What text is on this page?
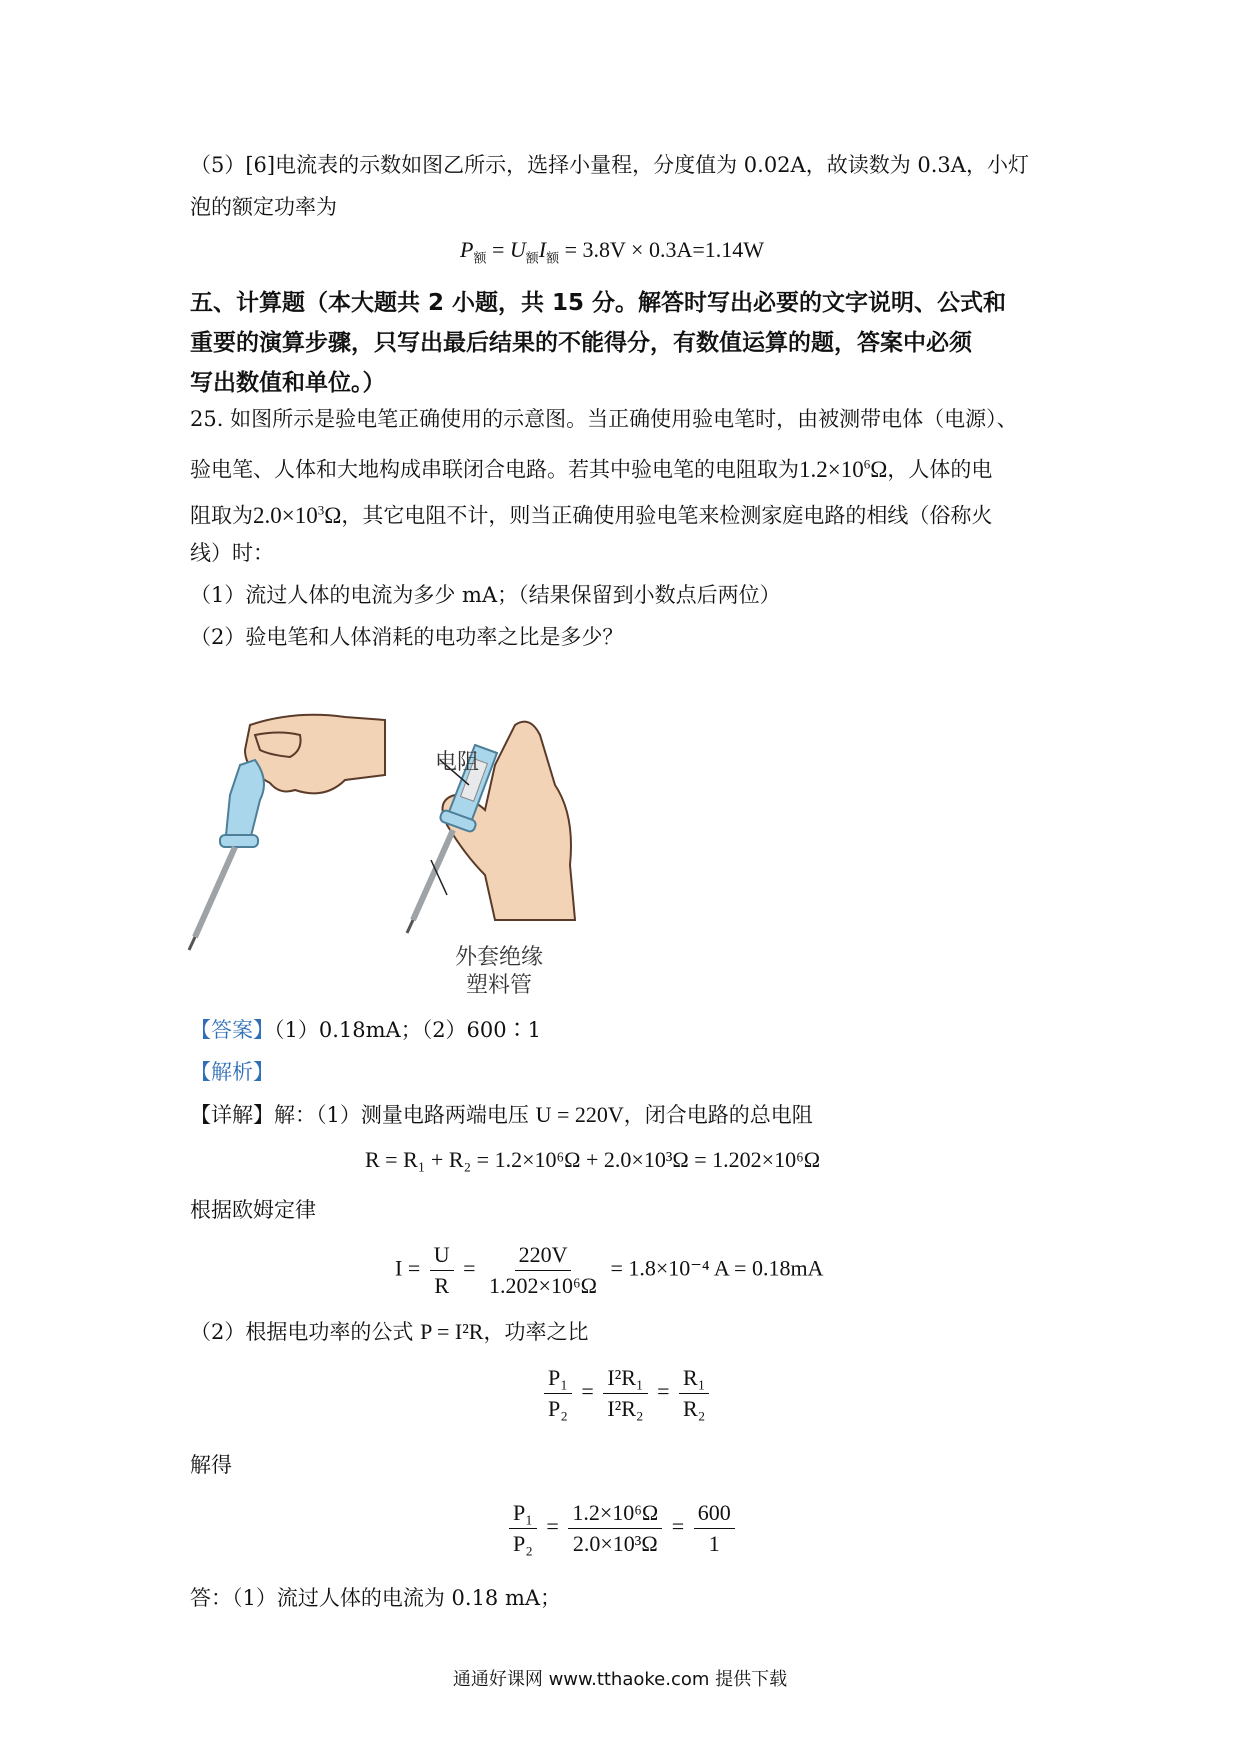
（5）[6]电流表的示数如图乙所示，选择小量程，分度值为 0.02A，故读数为 0.3A，小灯
泡的额定功率为
$P_额 = U_额I_额 = 3.8V \times 0.3A=1.14W$
五、计算题（本大题共 2 小题，共 15 分。解答时写出必要的文字说明、公式和
重要的演算步骤，只写出最后结果的不能得分，有数值运算的题，答案中必须
写出数值和单位。）
25. 如图所示是验电笔正确使用的示意图。当正确使用验电笔时，由被测带电体（电源）、
验电笔、人体和大地构成串联闭合电路。若其中验电笔的电阻取为$1.2\times 10^6\Omega$，人体的电
阻取为$2.0\times 10^3\Omega$，其它电阻不计，则当正确使用验电笔来检测家庭电路的相线（俗称火
线）时：
（1）流过人体的电流为多少 mA；（结果保留到小数点后两位）
（2）验电笔和人体消耗的电功率之比是多少？
电阻
外套绝缘
塑料管
【答案】（1）0.18mA；（2）600∶1
【解析】
【详解】解：（1）测量电路两端电压 U = 220V，闭合电路的总电阻
R = R₁ + R₂ = 1.2×10⁶Ω + 2.0×10³Ω = 1.202×10⁶Ω
根据欧姆定律
$I = \frac{U}{R} = \frac{220V}{\text{1.202×10⁶Ω}} = 1.8\times 10^{-4}$ A = 0.18mA
（2）根据电功率的公式 P = I²R，功率之比
$\frac{\text{P₁}}{\text{P₂}} = \frac{\text{I²R₁}}{\text{I²R₂}} = \frac{\text{R₁}}{\text{R₂}}$
解得
$\frac{\text{P₁}}{\text{P₂}} = \frac{\text{1.2×10⁶Ω}}{\text{2.0×10³Ω}} = \frac{600}{1}$
答：（1）流过人体的电流为 0.18 mA；
通通好课网 www.tthaoke.com 提供下载
